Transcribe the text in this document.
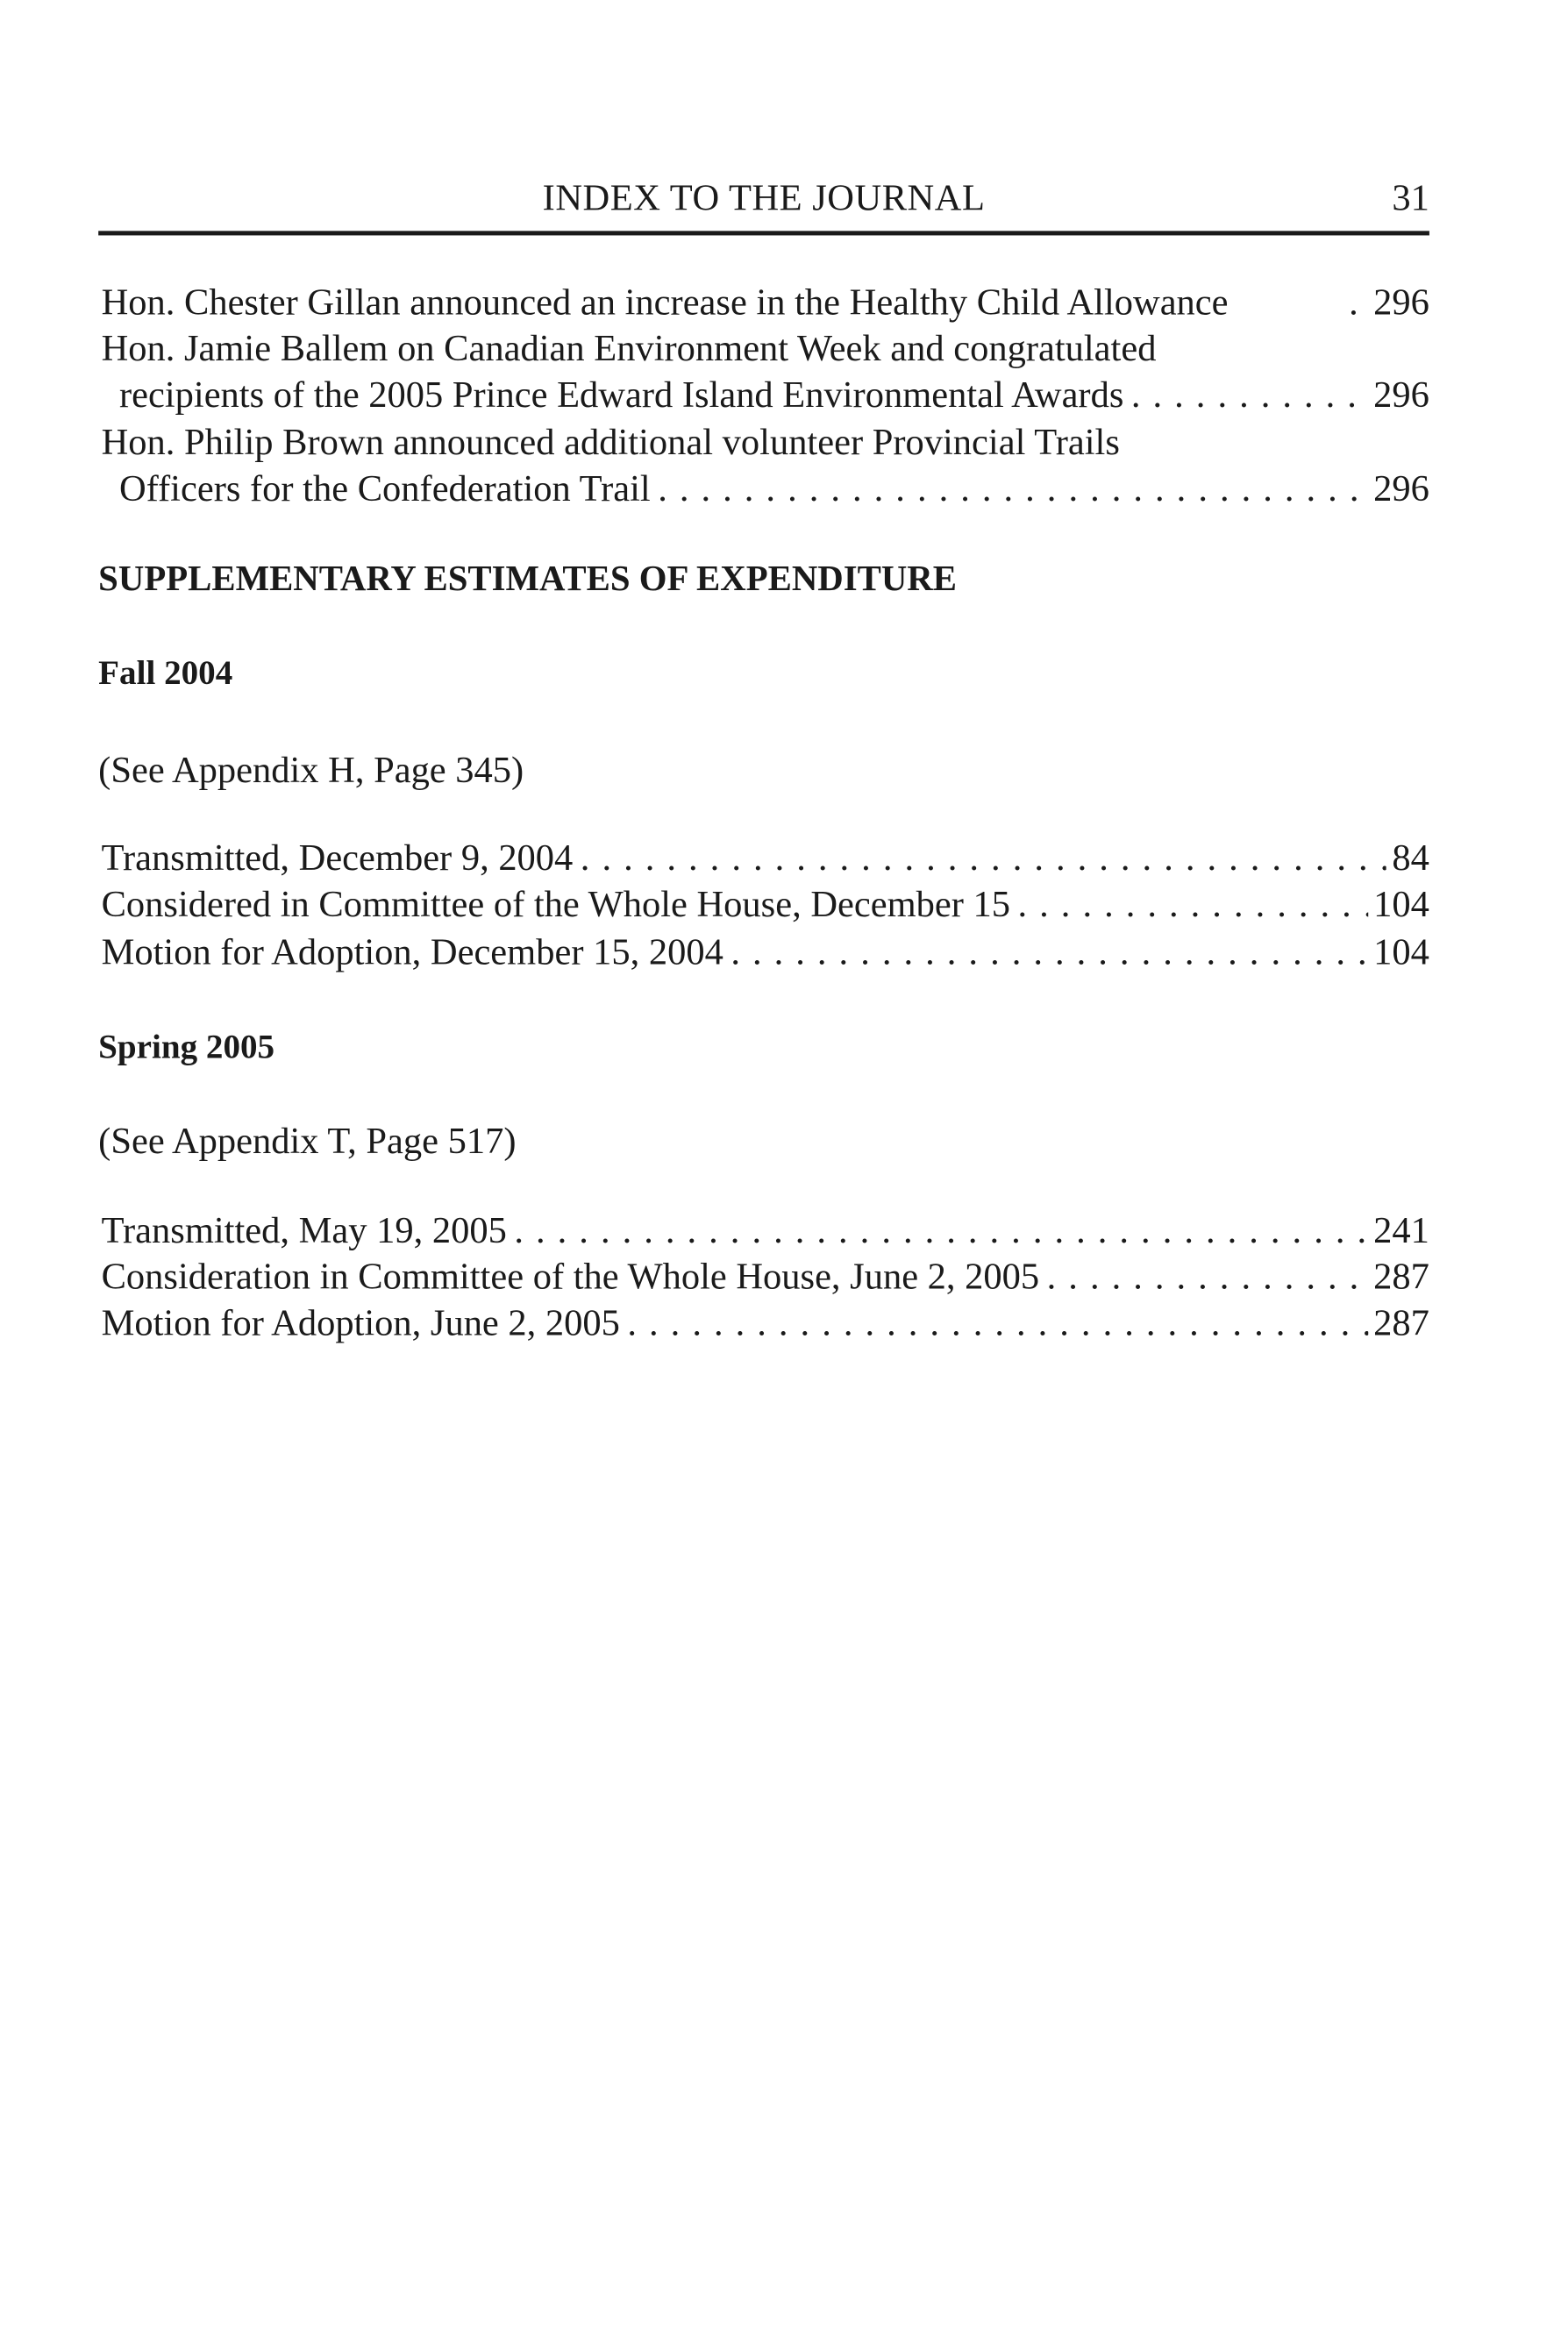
INDEX TO THE JOURNAL	31
Hon. Chester Gillan announced an increase in the Healthy Child Allowance	. 296
Hon. Jamie Ballem on Canadian Environment Week and congratulated
recipients of the 2005 Prince Edward Island Environmental Awards . . .	296
Hon. Philip Brown announced additional volunteer Provincial Trails
Officers for the Confederation Trail . . .	296
SUPPLEMENTARY ESTIMATES OF EXPENDITURE
Fall 2004
(See Appendix H, Page 345)
Transmitted, December 9, 2004 . . .	84
Considered in Committee of the Whole House, December 15 . . .	104
Motion for Adoption, December 15, 2004 . . .	104
Spring 2005
(See Appendix T, Page 517)
Transmitted, May 19, 2005 . . .	241
Consideration in Committee of the Whole House, June 2, 2005 . . .	287
Motion for Adoption, June 2, 2005 . . .	287
